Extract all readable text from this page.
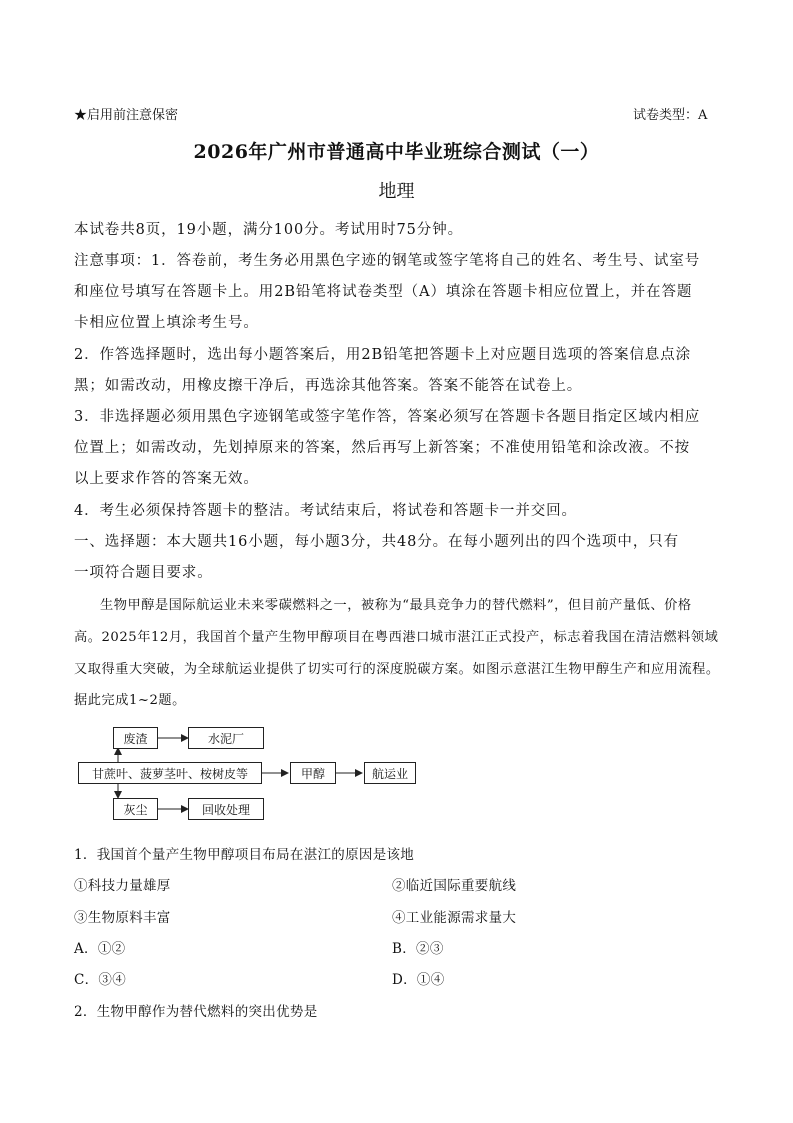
★启用前注意保密	试卷类型：A
2026年广州市普通高中毕业班综合测试（一）
地理
本试卷共8页，19小题，满分100分。考试用时75分钟。
注意事项：1．答卷前，考生务必用黑色字迹的钢笔或签字笔将自己的姓名、考生号、试室号
和座位号填写在答题卡上。用2B铅笔将试卷类型（A）填涂在答题卡相应位置上，并在答题
卡相应位置上填涂考生号。
2．作答选择题时，选出每小题答案后，用2B铅笔把答题卡上对应题目选项的答案信息点涂
黑；如需改动，用橡皮擦干净后，再选涂其他答案。答案不能答在试卷上。
3．非选择题必须用黑色字迹钢笔或签字笔作答，答案必须写在答题卡各题目指定区域内相应
位置上；如需改动，先划掉原来的答案，然后再写上新答案；不准使用铅笔和涂改液。不按
以上要求作答的答案无效。
4．考生必须保持答题卡的整洁。考试结束后，将试卷和答题卡一并交回。
一、选择题：本大题共16小题，每小题3分，共48分。在每小题列出的四个选项中，只有
一项符合题目要求。
生物甲醇是国际航运业未来零碳燃料之一，被称为“最具竞争力的替代燃料”，但目前产量低、价格
高。2025年12月，我国首个量产生物甲醇项目在粤西港口城市湛江正式投产，标志着我国在清洁燃料领域
又取得重大突破，为全球航运业提供了切实可行的深度脱碳方案。如图示意湛江生物甲醇生产和应用流程。
据此完成1~2题。
废渣	水泥厂
甘蔗叶、菠萝茎叶、桉树皮等	甲醇	航运业
灰尘	回收处理
1．我国首个量产生物甲醇项目布局在湛江的原因是该地
①科技力量雄厚	②临近国际重要航线
③生物原料丰富	④工业能源需求量大
A．①②	B．②③
C．③④	D．①④
2．生物甲醇作为替代燃料的突出优势是
